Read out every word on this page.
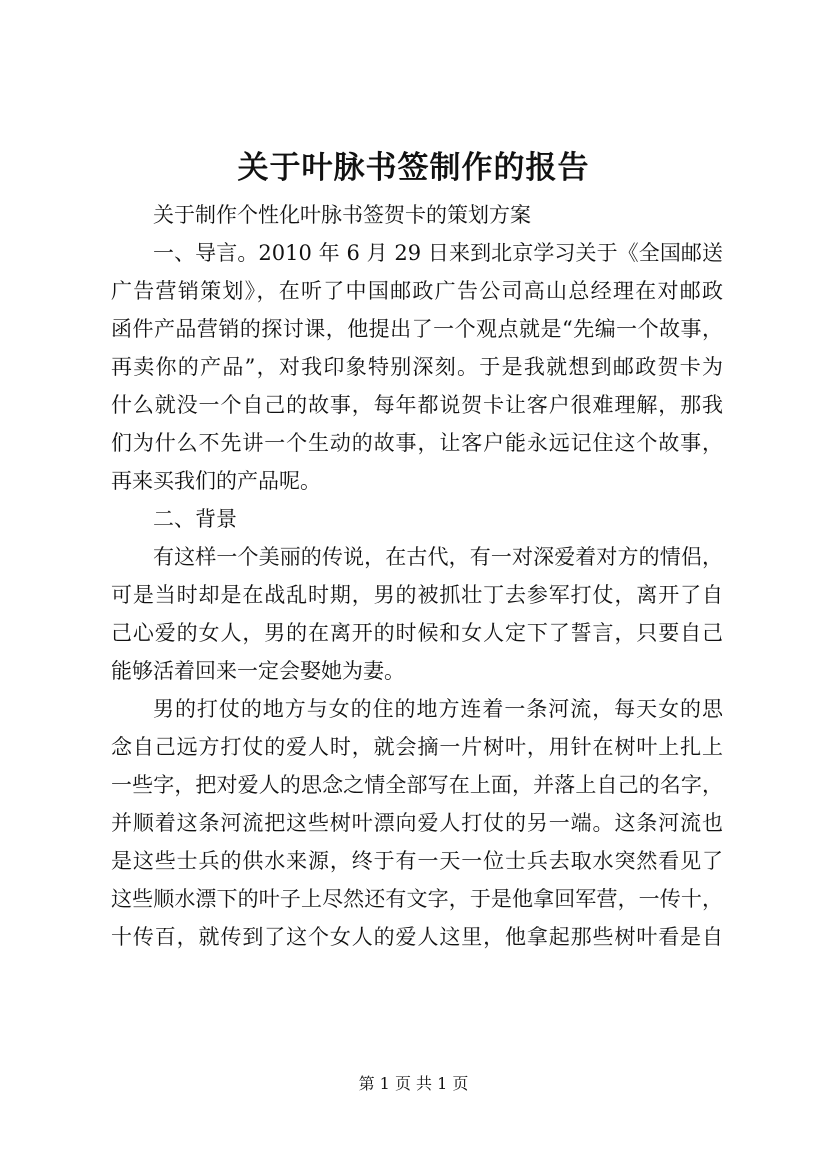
关于叶脉书签制作的报告

关于制作个性化叶脉书签贺卡的策划方案

一、导言。2010 年 6 月 29 日来到北京学习关于《全国邮送
广告营销策划》，在听了中国邮政广告公司高山总经理在对邮政
函件产品营销的探讨课，他提出了一个观点就是“先编一个故事，
再卖你的产品”，对我印象特别深刻。于是我就想到邮政贺卡为
什么就没一个自己的故事，每年都说贺卡让客户很难理解，那我
们为什么不先讲一个生动的故事，让客户能永远记住这个故事，
再来买我们的产品呢。

二、背景

有这样一个美丽的传说，在古代，有一对深爱着对方的情侣，
可是当时却是在战乱时期，男的被抓壮丁去参军打仗，离开了自
己心爱的女人，男的在离开的时候和女人定下了誓言，只要自己
能够活着回来一定会娶她为妻。

男的打仗的地方与女的住的地方连着一条河流，每天女的思
念自己远方打仗的爱人时，就会摘一片树叶，用针在树叶上扎上
一些字，把对爱人的思念之情全部写在上面，并落上自己的名字，
并顺着这条河流把这些树叶漂向爱人打仗的另一端。这条河流也
是这些士兵的供水来源，终于有一天一位士兵去取水突然看见了
这些顺水漂下的叶子上尽然还有文字，于是他拿回军营，一传十，
十传百，就传到了这个女人的爱人这里，他拿起那些树叶看是自

第 1 页 共 1 页
